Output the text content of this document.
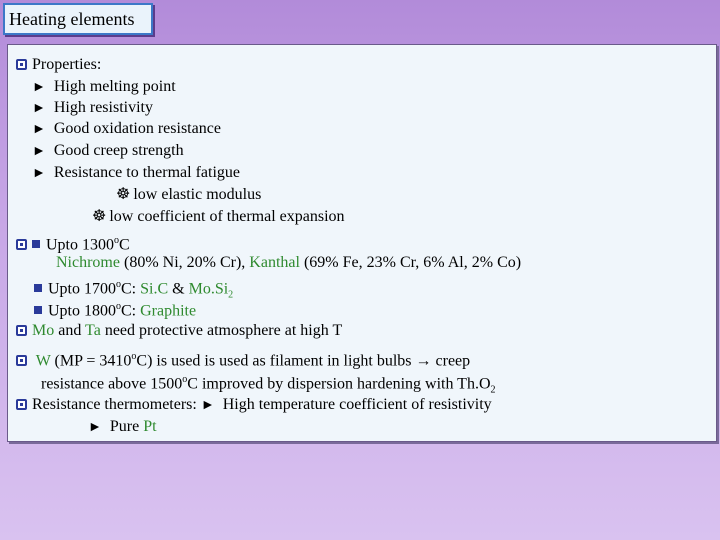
Heating elements
Properties:
► High melting point
► High resistivity
► Good oxidation resistance
► Good creep strength
► Resistance to thermal fatigue
☸ low elastic modulus
☸ low coefficient of thermal expansion
Upto 1300$^o$C
Nichrome (80% Ni, 20% Cr), Kanthal (69% Fe, 23% Cr, 6% Al, 2% Co)
Upto 1700$^o$C: Si.C & $Mo.Si_2$
Upto 1800$^o$C: Graphite
Mo and Ta need protective atmosphere at high T
W $(MP = 3410^oC)$ is used is used as filament in light bulbs → creep
resistance above 1500$^o$C improved by dispersion hardening with $Th.O_2$
Resistance thermometers: ► High temperature coefficient of resistivity
► Pure Pt
